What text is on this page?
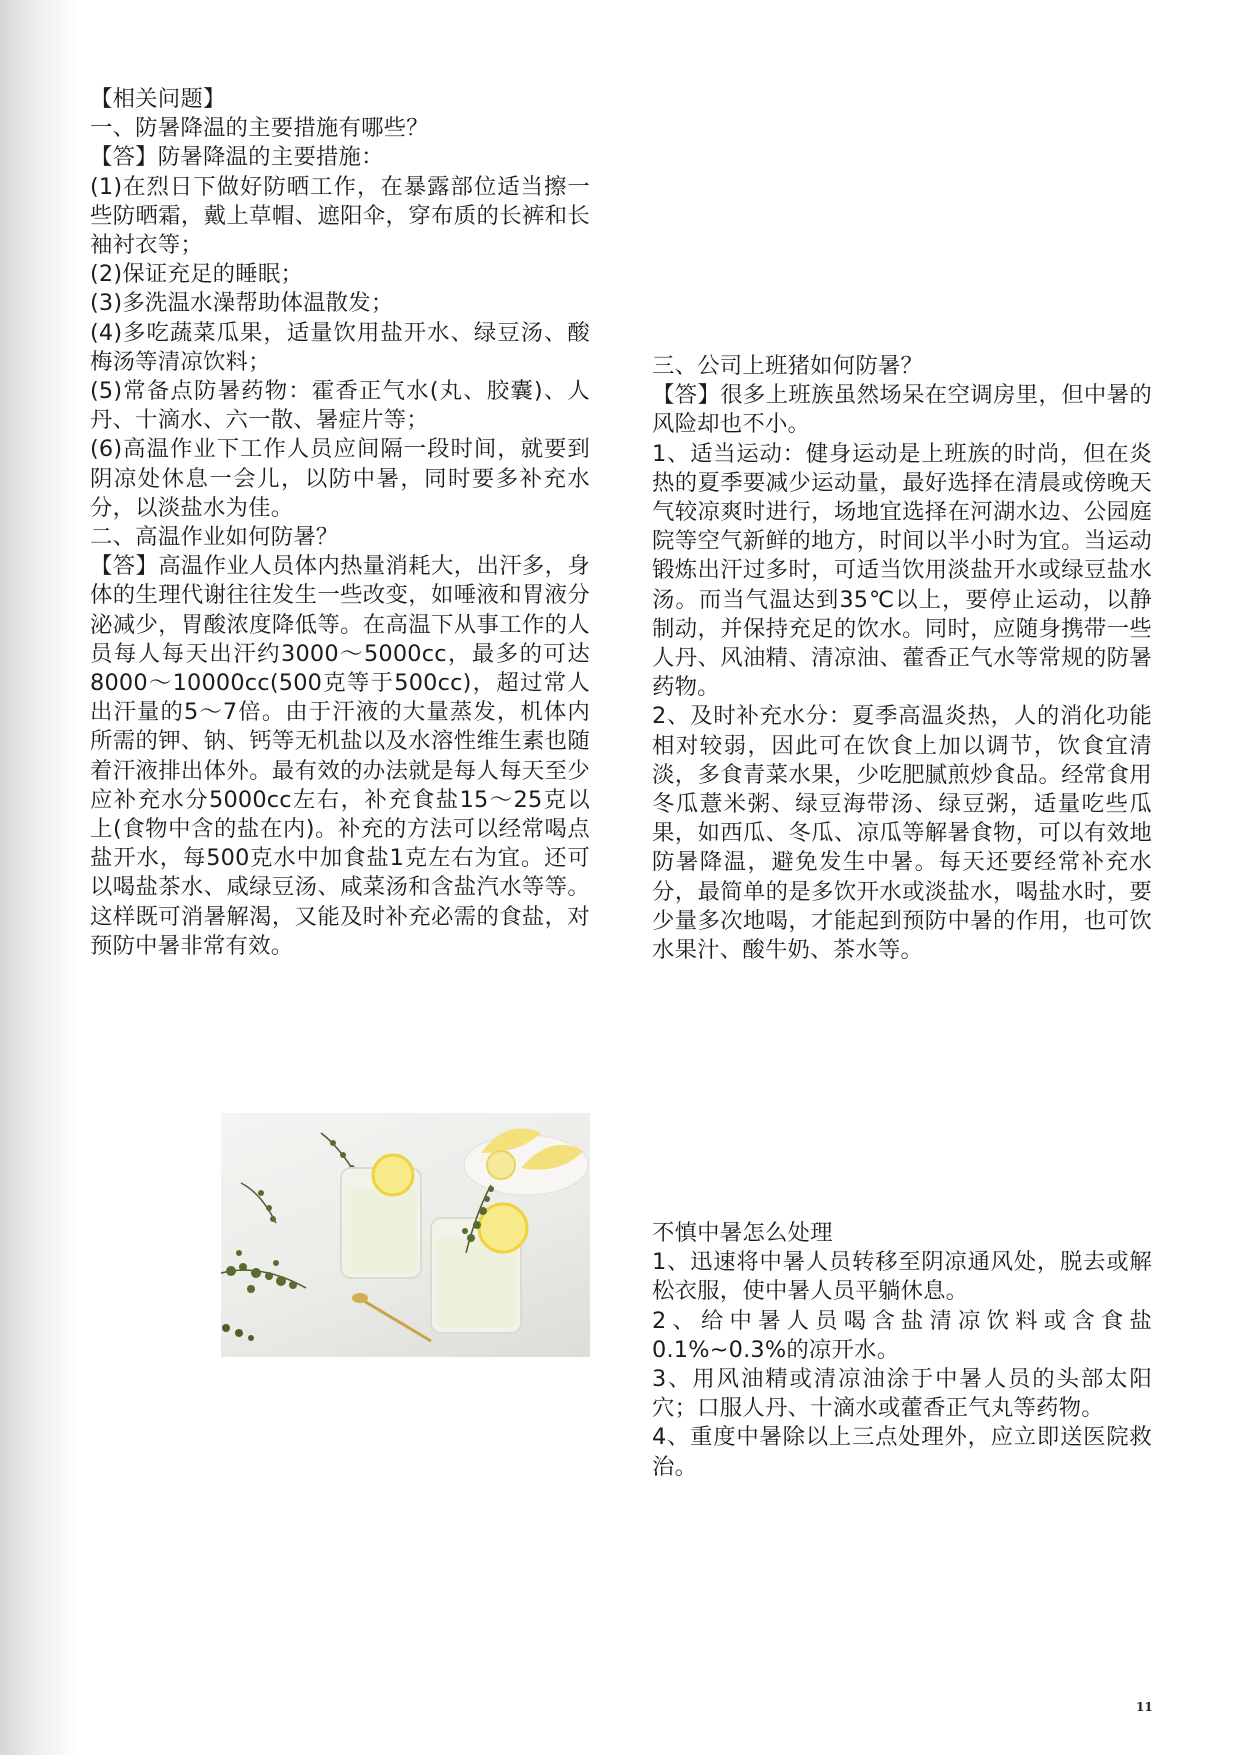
【相关问题】

一、防暑降温的主要措施有哪些？

【答】防暑降温的主要措施：

(1)在烈日下做好防晒工作，在暴露部位适当擦一些防晒霜，戴上草帽、遮阳伞，穿布质的长裤和长袖衬衣等；

(2)保证充足的睡眠；

(3)多洗温水澡帮助体温散发；

(4)多吃蔬菜瓜果，适量饮用盐开水、绿豆汤、酸梅汤等清凉饮料；

(5)常备点防暑药物：霍香正气水(丸、胶囊)、人丹、十滴水、六一散、暑症片等；

(6)高温作业下工作人员应间隔一段时间，就要到阴凉处休息一会儿，以防中暑，同时要多补充水分，以淡盐水为佳。

二、高温作业如何防暑？

【答】高温作业人员体内热量消耗大，出汗多，身体的生理代谢往往发生一些改变，如唾液和胃液分泌减少，胃酸浓度降低等。在高温下从事工作的人员每人每天出汗约3000～5000cc，最多的可达8000～10000cc(500克等于500cc)，超过常人出汗量的5～7倍。由于汗液的大量蒸发，机体内所需的钾、钠、钙等无机盐以及水溶性维生素也随着汗液排出体外。最有效的办法就是每人每天至少应补充水分5000cc左右，补充食盐15～25克以上(食物中含的盐在内)。补充的方法可以经常喝点盐开水，每500克水中加食盐1克左右为宜。还可以喝盐茶水、咸绿豆汤、咸菜汤和含盐汽水等等。这样既可消暑解渴，又能及时补充必需的食盐，对预防中暑非常有效。

三、公司上班猪如何防暑？

【答】很多上班族虽然场呆在空调房里，但中暑的风险却也不小。

1、适当运动：健身运动是上班族的时尚，但在炎热的夏季要减少运动量，最好选择在清晨或傍晚天气较凉爽时进行，场地宜选择在河湖水边、公园庭院等空气新鲜的地方，时间以半小时为宜。当运动锻炼出汗过多时，可适当饮用淡盐开水或绿豆盐水汤。而当气温达到35℃以上，要停止运动，以静制动，并保持充足的饮水。同时，应随身携带一些人丹、风油精、清凉油、藿香正气水等常规的防暑药物。

2、及时补充水分：夏季高温炎热，人的消化功能相对较弱，因此可在饮食上加以调节，饮食宜清淡，多食青菜水果，少吃肥腻煎炒食品。经常食用冬瓜薏米粥、绿豆海带汤、绿豆粥，适量吃些瓜果，如西瓜、冬瓜、凉瓜等解暑食物，可以有效地防暑降温，避免发生中暑。每天还要经常补充水分，最简单的是多饮开水或淡盐水，喝盐水时，要少量多次地喝，才能起到预防中暑的作用，也可饮水果汁、酸牛奶、茶水等。

不慎中暑怎么处理

1、迅速将中暑人员转移至阴凉通风处，脱去或解松衣服，使中暑人员平躺休息。

2、给中暑人员喝含盐清凉饮料或含食盐0.1%~0.3%的凉开水。

3、用风油精或清凉油涂于中暑人员的头部太阳穴；口服人丹、十滴水或藿香正气丸等药物。

4、重度中暑除以上三点处理外，应立即送医院救治。

11
